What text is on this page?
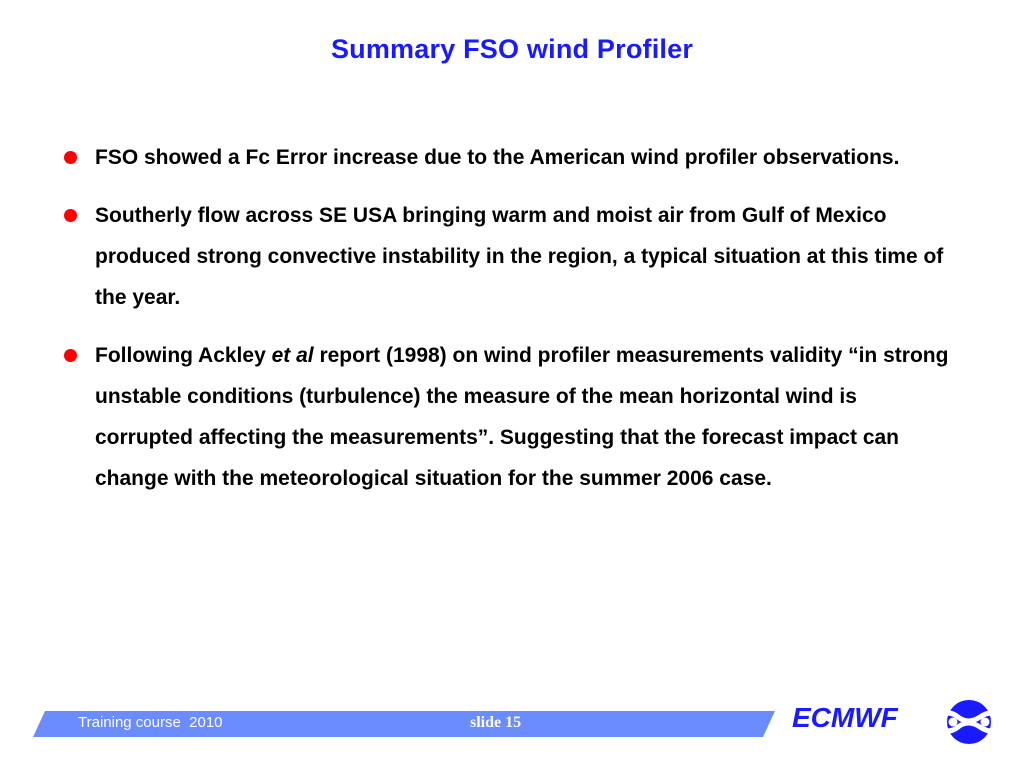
Summary FSO wind Profiler
FSO showed a Fc Error increase due to the American wind profiler observations.
Southerly flow across SE USA bringing warm and moist air from Gulf of Mexico produced strong convective instability in the region, a typical situation at this time of the year.
Following Ackley et al report (1998) on wind profiler measurements validity “in strong unstable conditions (turbulence) the measure of the mean horizontal wind is corrupted affecting the measurements”. Suggesting that the forecast impact can change with the meteorological situation for the summer 2006 case.
Training course  2010	slide 15	ECMWF
